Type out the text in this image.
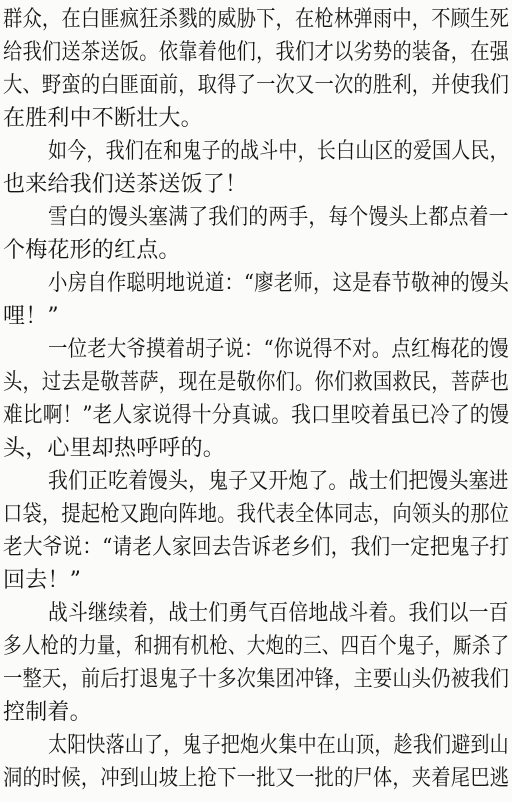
群众，在白匪疯狂杀戮的威胁下，在枪林弹雨中，不顾生死
给我们送茶送饭。依靠着他们，我们才以劣势的装备，在强
大、野蛮的白匪面前，取得了一次又一次的胜利，并使我们
在胜利中不断壮大。
如今，我们在和鬼子的战斗中，长白山区的爱国人民，
也来给我们送茶送饭了！
雪白的馒头塞满了我们的两手，每个馒头上都点着一
个梅花形的红点。
小房自作聪明地说道：“廖老师，这是春节敬神的馒头
哩！”
一位老大爷摸着胡子说：“你说得不对。点红梅花的馒
头，过去是敬菩萨，现在是敬你们。你们救国救民，菩萨也
难比啊！”老人家说得十分真诚。我口里咬着虽已冷了的馒
头，心里却热呼呼的。
我们正吃着馒头，鬼子又开炮了。战士们把馒头塞进
口袋，提起枪又跑向阵地。我代表全体同志，向领头的那位
老大爷说：“请老人家回去告诉老乡们，我们一定把鬼子打
回去！”
战斗继续着，战士们勇气百倍地战斗着。我们以一百
多人枪的力量，和拥有机枪、大炮的三、四百个鬼子，厮杀了
一整天，前后打退鬼子十多次集团冲锋，主要山头仍被我们
控制着。
太阳快落山了，鬼子把炮火集中在山顶，趁我们避到山
洞的时候，冲到山坡上抢下一批又一批的尸体，夹着尾巴逃
